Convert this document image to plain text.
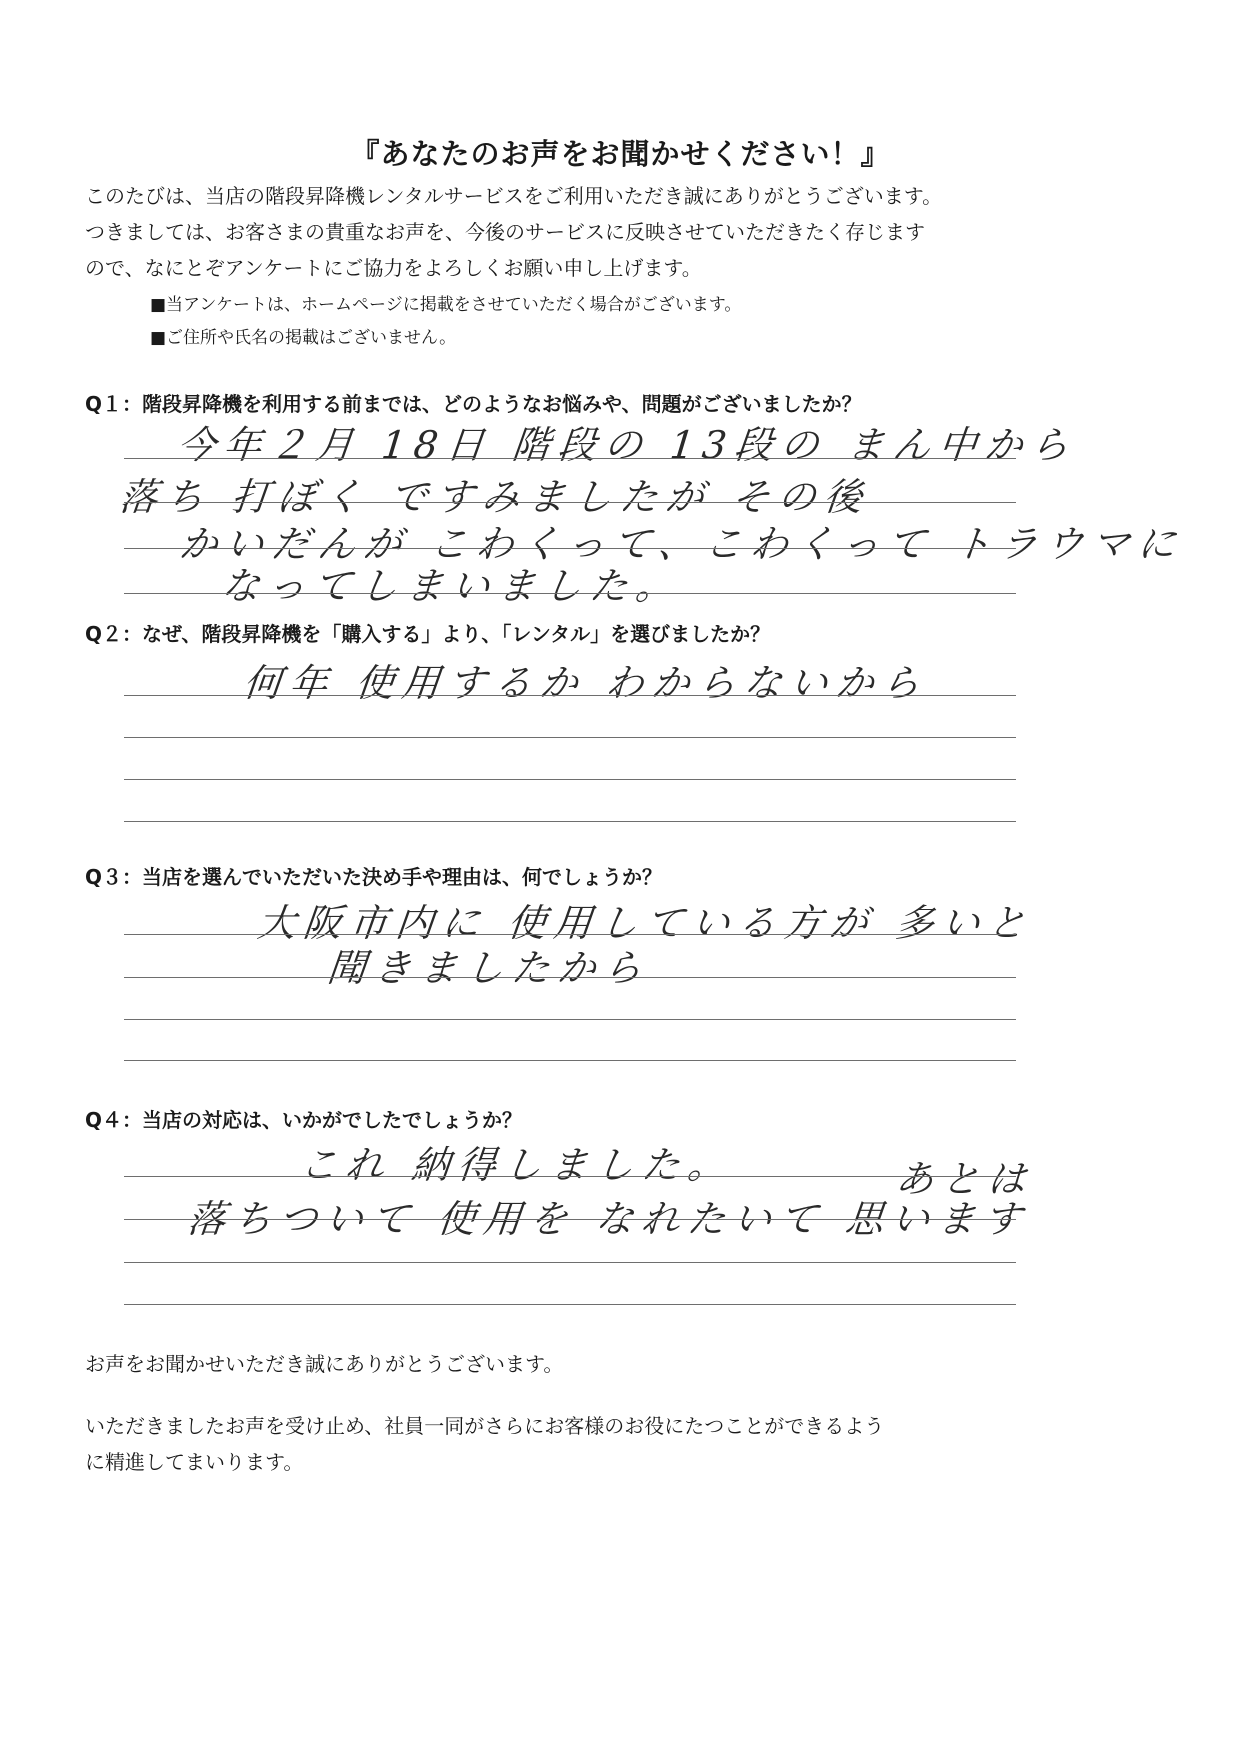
『あなたのお声をお聞かせください！』
このたびは、当店の階段昇降機レンタルサービスをご利用いただき誠にありがとうございます。
つきましては、お客さまの貴重なお声を、今後のサービスに反映させていただきたく存じます
ので、なにとぞアンケートにご協力をよろしくお願い申し上げます。
■当アンケートは、ホームページに掲載をさせていただく場合がございます。
■ご住所や氏名の掲載はございません。
Q１：階段昇降機を利用する前までは、どのようなお悩みや、問題がございましたか？
今年２月 18日 階段の 13段の まん中から
落ち 打ぼく ですみましたが その後
かいだんが こわくって、こわくって トラウマに
なってしまいました。
Q２：なぜ、階段昇降機を「購入する」より、「レンタル」を選びましたか？
何年 使用するか わからないから
Q３：当店を選んでいただいた決め手や理由は、何でしょうか？
大阪市内に 使用している方が 多いと
聞きましたから
Q４：当店の対応は、いかがでしたでしょうか？
これ 納得しました。	あとは
落ちついて 使用を なれたいて 思います
お声をお聞かせいただき誠にありがとうございます。
いただきましたお声を受け止め、社員一同がさらにお客様のお役にたつことができるよう
に精進してまいります。
